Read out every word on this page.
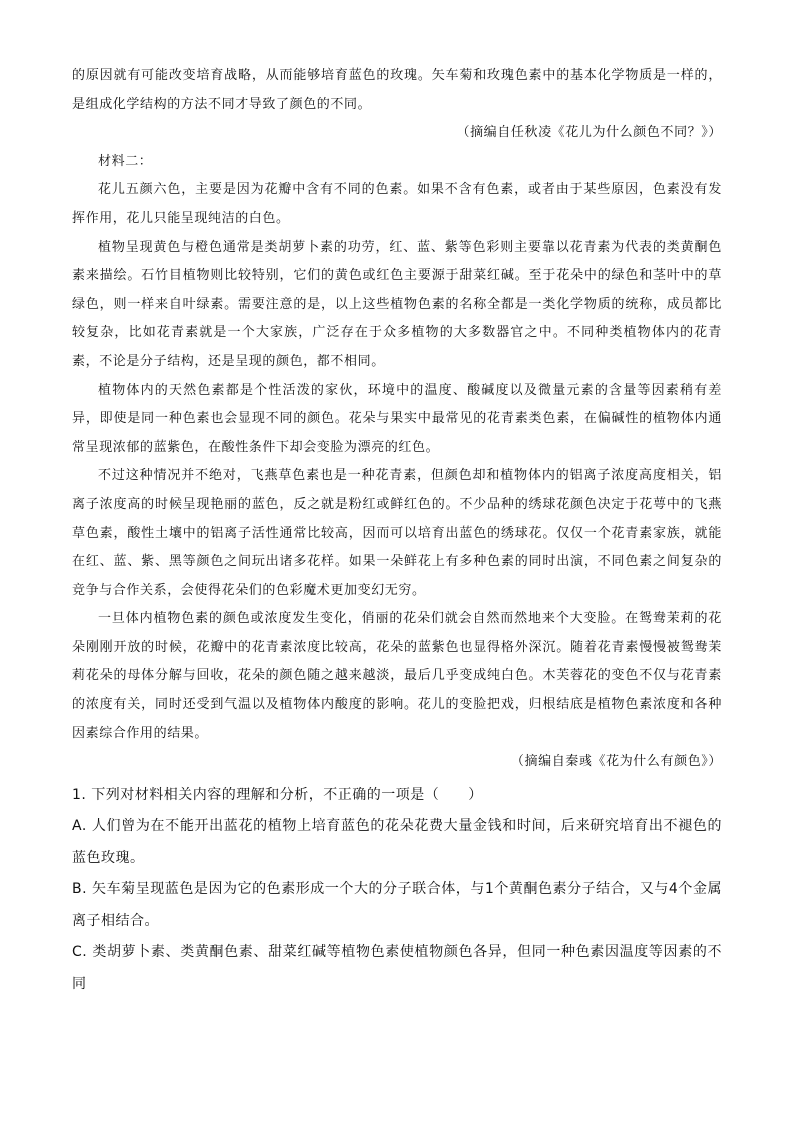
的原因就有可能改变培育战略，从而能够培育蓝色的玫瑰。矢车菊和玫瑰色素中的基本化学物质是一样的，是组成化学结构的方法不同才导致了颜色的不同。

（摘编自任秋凌《花儿为什么颜色不同？》）

材料二：

花儿五颜六色，主要是因为花瓣中含有不同的色素。如果不含有色素，或者由于某些原因，色素没有发挥作用，花儿只能呈现纯洁的白色。

植物呈现黄色与橙色通常是类胡萝卜素的功劳，红、蓝、紫等色彩则主要靠以花青素为代表的类黄酮色素来描绘。石竹目植物则比较特别，它们的黄色或红色主要源于甜菜红碱。至于花朵中的绿色和茎叶中的草绿色，则一样来自叶绿素。需要注意的是，以上这些植物色素的名称全都是一类化学物质的统称，成员都比较复杂，比如花青素就是一个大家族，广泛存在于众多植物的大多数器官之中。不同种类植物体内的花青素，不论是分子结构，还是呈现的颜色，都不相同。

植物体内的天然色素都是个性活泼的家伙，环境中的温度、酸碱度以及微量元素的含量等因素稍有差异，即使是同一种色素也会显现不同的颜色。花朵与果实中最常见的花青素类色素，在偏碱性的植物体内通常呈现浓郁的蓝紫色，在酸性条件下却会变脸为漂亮的红色。

不过这种情况并不绝对，飞燕草色素也是一种花青素，但颜色却和植物体内的铝离子浓度高度相关，铝离子浓度高的时候呈现艳丽的蓝色，反之就是粉红或鲜红色的。不少品种的绣球花颜色决定于花萼中的飞燕草色素，酸性土壤中的铝离子活性通常比较高，因而可以培育出蓝色的绣球花。仅仅一个花青素家族，就能在红、蓝、紫、黑等颜色之间玩出诸多花样。如果一朵鲜花上有多种色素的同时出演，不同色素之间复杂的竞争与合作关系，会使得花朵们的色彩魔术更加变幻无穷。

一旦体内植物色素的颜色或浓度发生变化，俏丽的花朵们就会自然而然地来个大变脸。在鸳鸯茉莉的花朵刚刚开放的时候，花瓣中的花青素浓度比较高，花朵的蓝紫色也显得格外深沉。随着花青素慢慢被鸳鸯茉莉花朵的母体分解与回收，花朵的颜色随之越来越淡，最后几乎变成纯白色。木芙蓉花的变色不仅与花青素的浓度有关，同时还受到气温以及植物体内酸度的影响。花儿的变脸把戏，归根结底是植物色素浓度和各种因素综合作用的结果。

（摘编自秦彧《花为什么有颜色》）

1. 下列对材料相关内容的理解和分析，不正确的一项是（　　）

A. 人们曾为在不能开出蓝花的植物上培育蓝色的花朵花费大量金钱和时间，后来研究培育出不褪色的蓝色玫瑰。

B. 矢车菊呈现蓝色是因为它的色素形成一个大的分子联合体，与1个黄酮色素分子结合，又与4个金属离子相结合。

C. 类胡萝卜素、类黄酮色素、甜菜红碱等植物色素使植物颜色各异，但同一种色素因温度等因素的不同
